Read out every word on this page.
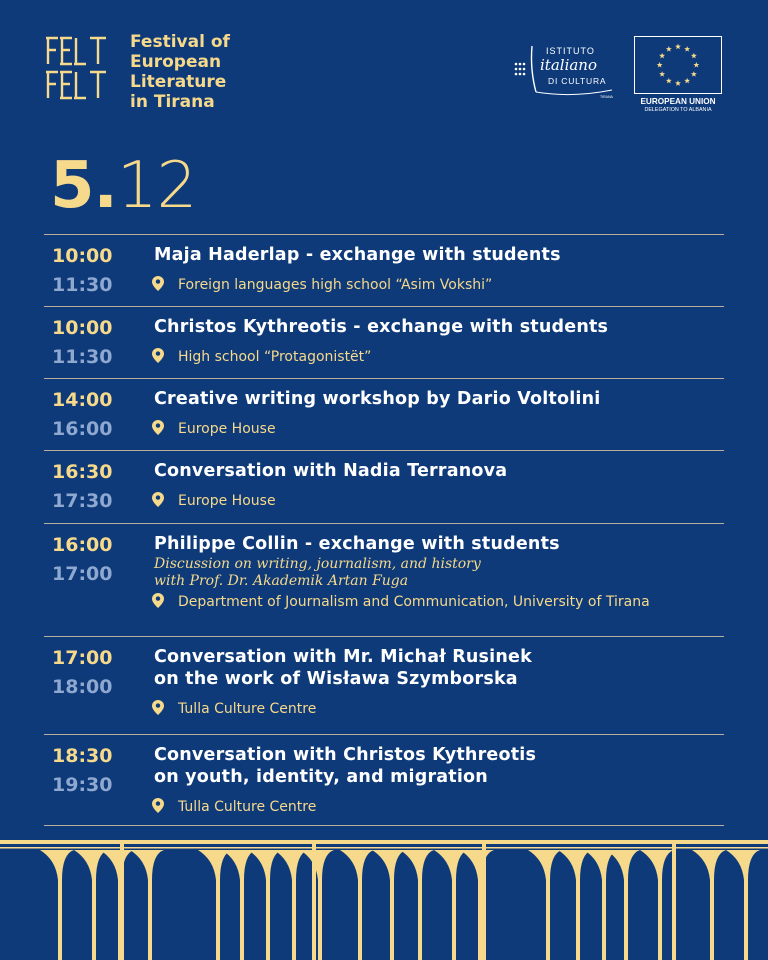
Festival of
European
Literature
in Tirana
ISTITUTO
italiano
DI CULTURA
TIRANA	EUROPEAN UNION
DELEGATION TO ALBANIA
5.12
10:00
11:30
Maja Haderlap - exchange with students
Foreign languages high school “Asim Vokshi”
10:00
11:30
Christos Kythreotis - exchange with students
High school “Protagonistët”
14:00
16:00
Creative writing workshop by Dario Voltolini
Europe House
16:30
17:30
Conversation with Nadia Terranova
Europe House
16:00
17:00
Philippe Collin - exchange with students
Discussion on writing, journalism, and history
with Prof. Dr. Akademik Artan Fuga
Department of Journalism and Communication, University of Tirana
17:00
18:00
Conversation with Mr. Michał Rusinek
on the work of Wisława Szymborska
Tulla Culture Centre
18:30
19:30
Conversation with Christos Kythreotis
on youth, identity, and migration
Tulla Culture Centre
